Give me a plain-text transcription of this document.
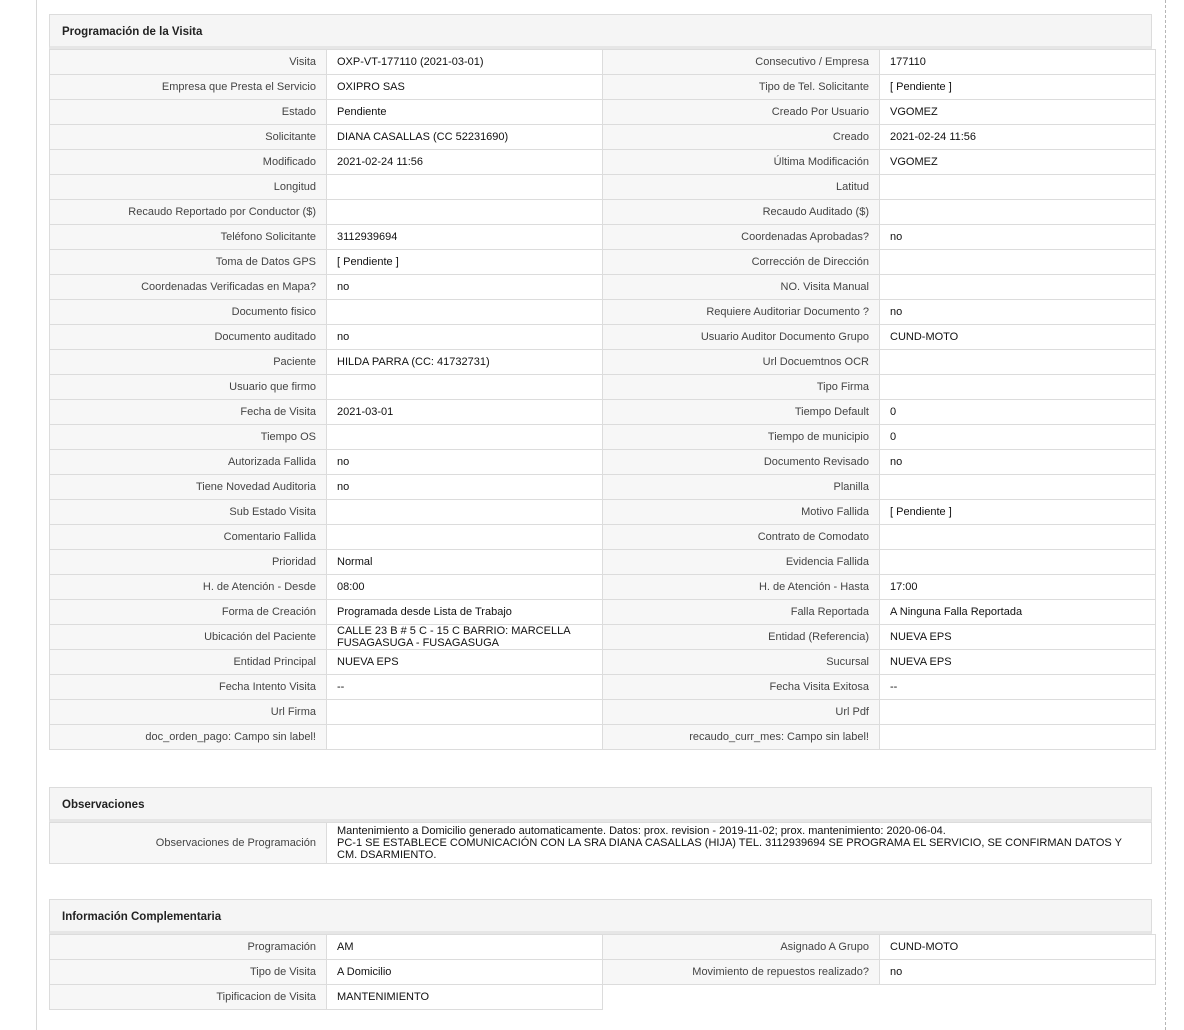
Programación de la Visita
Visita	OXP-VT-177110 (2021-03-01)	Consecutivo / Empresa	177110
Empresa que Presta el Servicio	OXIPRO SAS	Tipo de Tel. Solicitante	[ Pendiente ]
Estado	Pendiente	Creado Por Usuario	VGOMEZ
Solicitante	DIANA CASALLAS (CC 52231690)	Creado	2021-02-24 11:56
Modificado	2021-02-24 11:56	Última Modificación	VGOMEZ
Longitud		Latitud	
Recaudo Reportado por Conductor ($)		Recaudo Auditado ($)	
Teléfono Solicitante	3112939694	Coordenadas Aprobadas?	no
Toma de Datos GPS	[ Pendiente ]	Corrección de Dirección	
Coordenadas Verificadas en Mapa?	no	NO. Visita Manual	
Documento fisico		Requiere Auditoriar Documento ?	no
Documento auditado	no	Usuario Auditor Documento Grupo	CUND-MOTO
Paciente	HILDA PARRA (CC: 41732731)	Url Docuemtnos OCR	
Usuario que firmo		Tipo Firma	
Fecha de Visita	2021-03-01	Tiempo Default	0
Tiempo OS		Tiempo de municipio	0
Autorizada Fallida	no	Documento Revisado	no
Tiene Novedad Auditoria	no	Planilla	
Sub Estado Visita		Motivo Fallida	[ Pendiente ]
Comentario Fallida		Contrato de Comodato	
Prioridad	Normal	Evidencia Fallida	
H. de Atención - Desde	08:00	H. de Atención - Hasta	17:00
Forma de Creación	Programada desde Lista de Trabajo	Falla Reportada	A Ninguna Falla Reportada
Ubicación del Paciente	CALLE 23 B # 5 C - 15 C BARRIO: MARCELLA FUSAGASUGA - FUSAGASUGA	Entidad (Referencia)	NUEVA EPS
Entidad Principal	NUEVA EPS	Sucursal	NUEVA EPS
Fecha Intento Visita	--	Fecha Visita Exitosa	--
Url Firma		Url Pdf	
doc_orden_pago: Campo sin label!		recaudo_curr_mes: Campo sin label!	
Observaciones
Observaciones de Programación	
Mantenimiento a Domicilio generado automaticamente. Datos: prox. revision - 2019-11-02; prox. mantenimiento: 2020-06-04.
PC-1 SE ESTABLECE COMUNICACIÓN CON LA SRA DIANA CASALLAS (HIJA) TEL. 3112939694 SE PROGRAMA EL SERVICIO, SE CONFIRMAN DATOS Y CM. DSARMIENTO.
Información Complementaria
Programación	AM	Asignado A Grupo	CUND-MOTO
Tipo de Visita	A Domicilio	Movimiento de repuestos realizado?	no
Tipificacion de Visita	MANTENIMIENTO		
